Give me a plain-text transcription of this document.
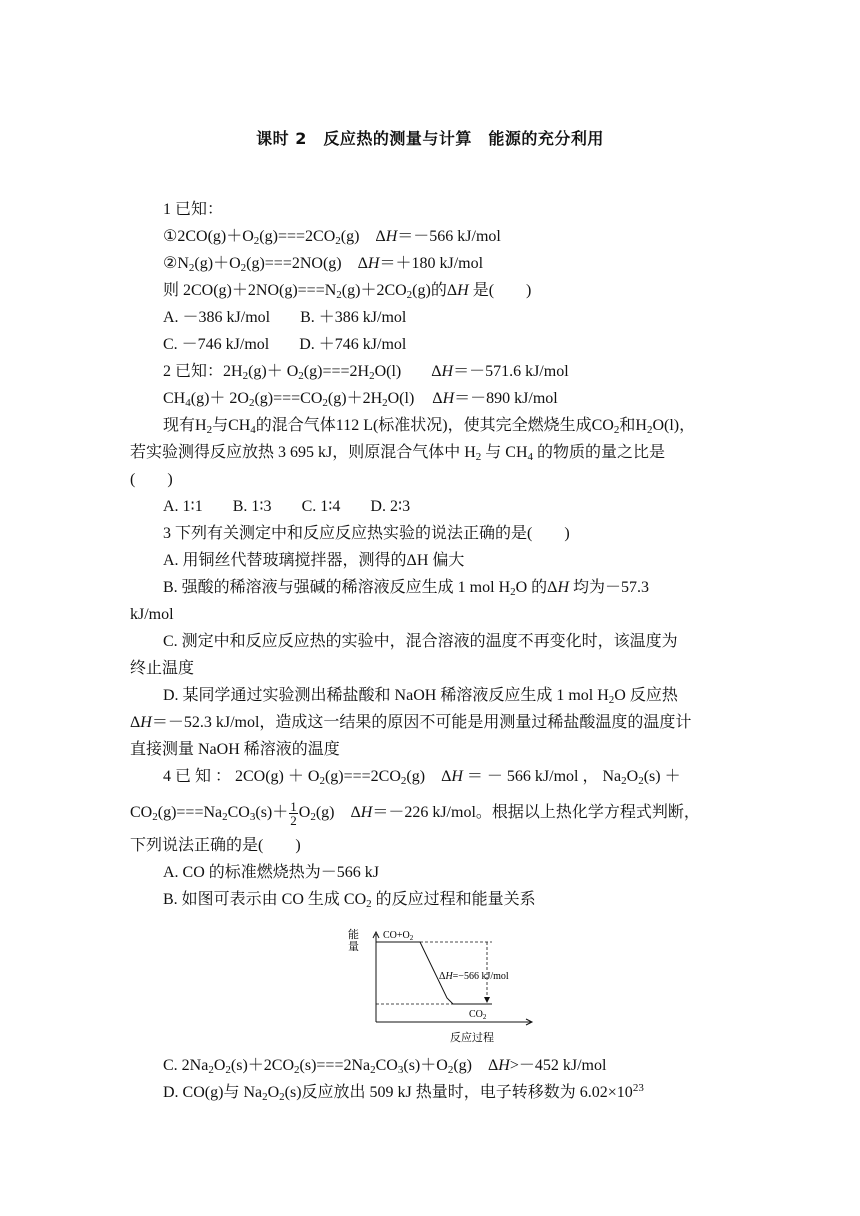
课时 2　反应热的测量与计算　能源的充分利用
1 已知：
$①2CO(g)+O_2(g)===2CO_2(g)$　ΔH＝－566 kJ/mol
$②N_2(g)+O_2(g)===2NO(g)$　ΔH＝＋180 kJ/mol
则 $2CO(g)+2NO(g)===N_2(g)+2CO_2(g)$的ΔH 是(　　)
A. －386 kJ/mol B. ＋386 kJ/mol
C. －746 kJ/mol D. ＋746 kJ/mol
2 已知：$2H_2(g)+ O_2(g)===2H_2O(l)$ ΔH＝－571.6 kJ/mol
$CH_4(g)+ 2O_2(g)===CO_2(g)+2H_2O(l)$ ΔH＝－890 kJ/mol
现有$H_2$与$CH_4$的混合气体112 L(标准状况)，使其完全燃烧生成$CO_2$和$H_2O(l)$，
若实验测得反应放热 3 695 kJ，则原混合气体中 $H_2$ 与 $CH_4$ 的物质的量之比是
(　　)
A. 1∶1 B. 1∶3 C. 1∶4 D. 2∶3
3 下列有关测定中和反应反应热实验的说法正确的是(　　)
A. 用铜丝代替玻璃搅拌器，测得的ΔH 偏大
B. 强酸的稀溶液与强碱的稀溶液反应生成 1 mol $H_2O$ 的ΔH 均为－57.3
kJ/mol
C. 测定中和反应反应热的实验中，混合溶液的温度不再变化时，该温度为
终止温度
D. 某同学通过实验测出稀盐酸和 NaOH 稀溶液反应生成 1 mol $H_2O$ 反应热
ΔH＝－52.3 kJ/mol，造成这一结果的原因不可能是用测量过稀盐酸温度的温度计
直接测量 NaOH 稀溶液的温度
4 已 知 ： $2CO(g) + O_2(g)===2CO_2(g)$　ΔH ＝ － 566 kJ/mol ， $Na_2O_2(s)$ ＋
$CO_2(g)===Na_2CO_3(s)+ \frac{1}{2} O_2(g)$　ΔH＝－226 kJ/mol。根据以上热化学方程式判断，
下列说法正确的是(　　)
A. CO 的标准燃烧热为－566 kJ
B. 如图可表示由 CO 生成 $CO_2$ 的反应过程和能量关系
能量
$CO+O_2$
ΔH=−566 kJ/mol
$CO_2$
反应过程
C. $2Na_2O_2(s)+2CO_2(s)===2Na_2CO_3(s)+O_2(g)$　ΔH>－452 kJ/mol
D. CO(g)与 $Na_2O_2(s)$反应放出 509 kJ 热量时，电子转移数为 $6.02\times 10^{23}$
